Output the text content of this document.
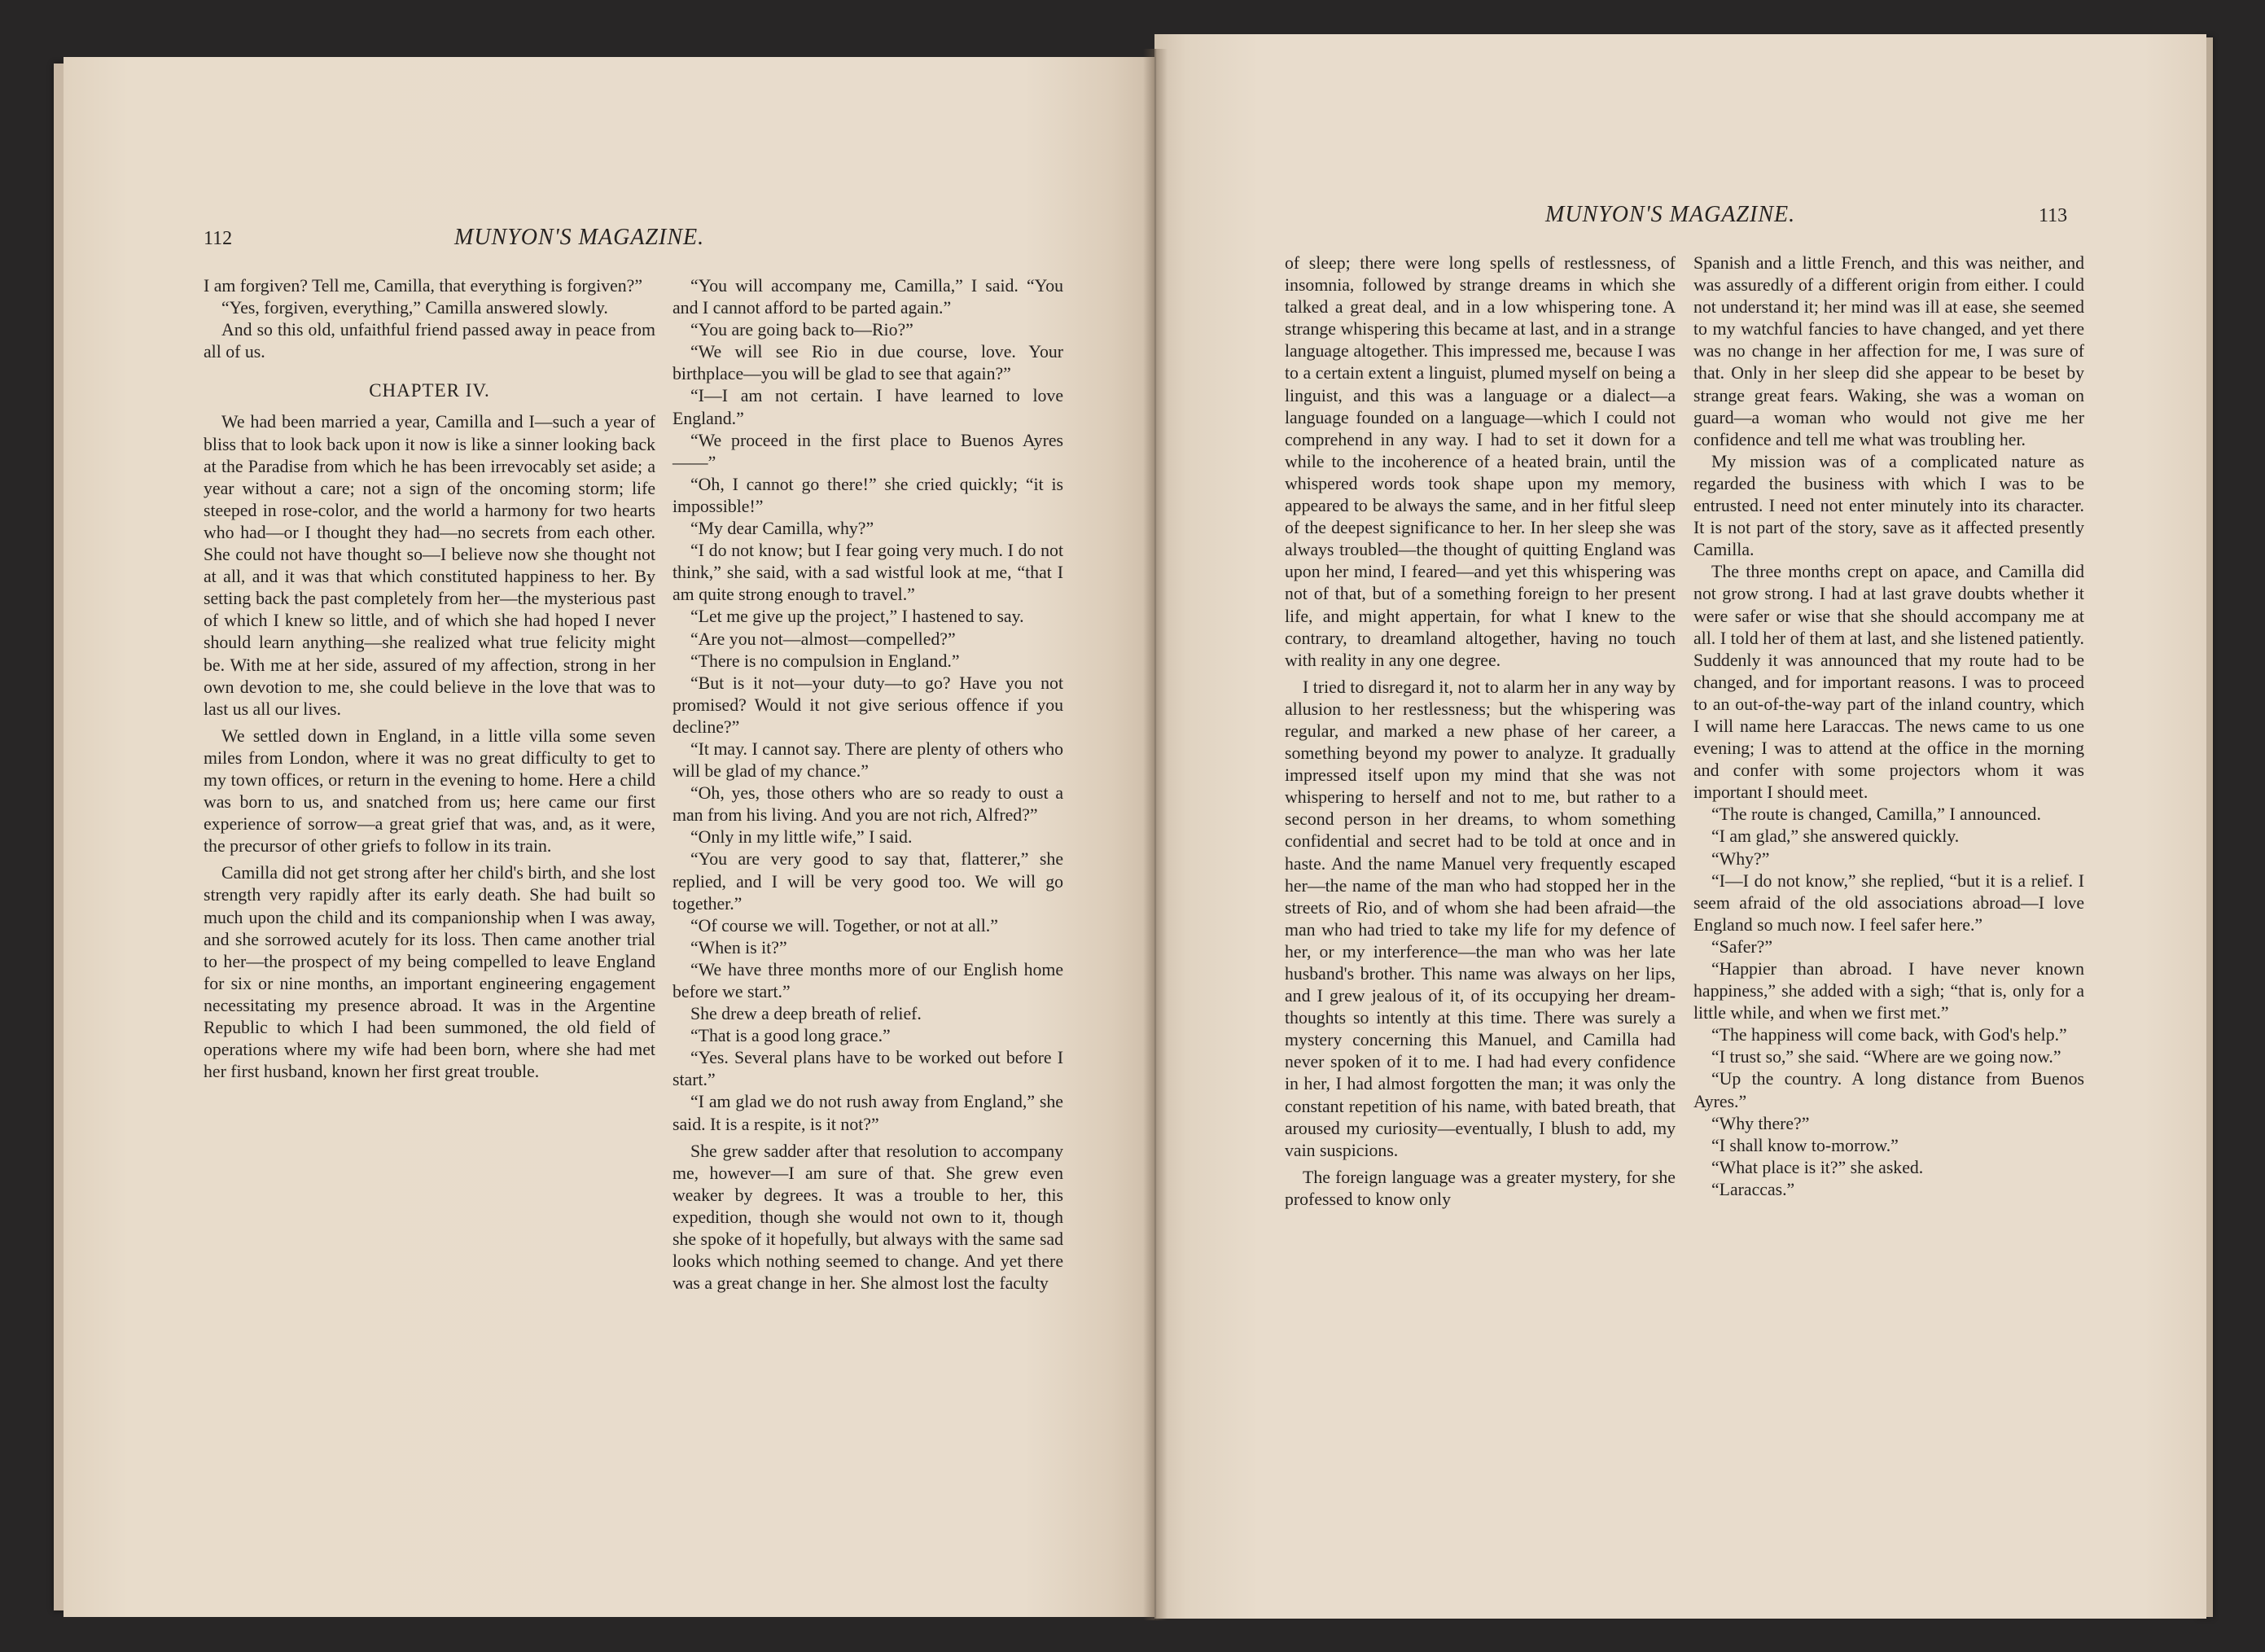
112	MUNYON'S MAGAZINE.

I am forgiven? Tell me, Camilla, that everything is forgiven?”

“Yes, forgiven, everything,” Camilla answered slowly.

And so this old, unfaithful friend passed away in peace from all of us.

CHAPTER IV.

We had been married a year, Camilla and I—such a year of bliss that to look back upon it now is like a sinner looking back at the Paradise from which he has been irrevocably set aside; a year without a care; not a sign of the oncoming storm; life steeped in rose-color, and the world a harmony for two hearts who had—or I thought they had—no secrets from each other. She could not have thought so—I believe now she thought not at all, and it was that which constituted happiness to her. By setting back the past completely from her—the mysterious past of which I knew so little, and of which she had hoped I never should learn anything—she realized what true felicity might be. With me at her side, assured of my affection, strong in her own devotion to me, she could believe in the love that was to last us all our lives.

We settled down in England, in a little villa some seven miles from London, where it was no great difficulty to get to my town offices, or return in the evening to home. Here a child was born to us, and snatched from us; here came our first experience of sorrow—a great grief that was, and, as it were, the precursor of other griefs to follow in its train.

Camilla did not get strong after her child's birth, and she lost strength very rapidly after its early death. She had built so much upon the child and its companionship when I was away, and she sorrowed acutely for its loss. Then came another trial to her—the prospect of my being compelled to leave England for six or nine months, an important engineering engagement necessitating my presence abroad. It was in the Argentine Republic to which I had been summoned, the old field of operations where my wife had been born, where she had met her first husband, known her first great trouble.

“You will accompany me, Camilla,” I said. “You and I cannot afford to be parted again.”

“You are going back to—Rio?”

“We will see Rio in due course, love. Your birthplace—you will be glad to see that again?”

“I—I am not certain. I have learned to love England.”

“We proceed in the first place to Buenos Ayres——”

“Oh, I cannot go there!” she cried quickly; “it is impossible!”

“My dear Camilla, why?”

“I do not know; but I fear going very much. I do not think,” she said, with a sad wistful look at me, “that I am quite strong enough to travel.”

“Let me give up the project,” I hastened to say.

“Are you not—almost—compelled?”

“There is no compulsion in England.”

“But is it not—your duty—to go? Have you not promised? Would it not give serious offence if you decline?”

“It may. I cannot say. There are plenty of others who will be glad of my chance.”

“Oh, yes, those others who are so ready to oust a man from his living. And you are not rich, Alfred?”

“Only in my little wife,” I said.

“You are very good to say that, flatterer,” she replied, and I will be very good too. We will go together.”

“Of course we will. Together, or not at all.”

“When is it?”

“We have three months more of our English home before we start.”

She drew a deep breath of relief.

“That is a good long grace.”

“Yes. Several plans have to be worked out before I start.”

“I am glad we do not rush away from England,” she said. It is a respite, is it not?”

She grew sadder after that resolution to accompany me, however—I am sure of that. She grew even weaker by degrees. It was a trouble to her, this expedition, though she would not own to it, though she spoke of it hopefully, but always with the same sad looks which nothing seemed to change. And yet there was a great change in her. She almost lost the faculty

MUNYON'S MAGAZINE.	113

of sleep; there were long spells of restlessness, of insomnia, followed by strange dreams in which she talked a great deal, and in a low whispering tone. A strange whispering this became at last, and in a strange language altogether. This impressed me, because I was to a certain extent a linguist, plumed myself on being a linguist, and this was a language or a dialect—a language founded on a language—which I could not comprehend in any way. I had to set it down for a while to the incoherence of a heated brain, until the whispered words took shape upon my memory, appeared to be always the same, and in her fitful sleep of the deepest significance to her. In her sleep she was always troubled—the thought of quitting England was upon her mind, I feared—and yet this whispering was not of that, but of a something foreign to her present life, and might appertain, for what I knew to the contrary, to dreamland altogether, having no touch with reality in any one degree.

I tried to disregard it, not to alarm her in any way by allusion to her restlessness; but the whispering was regular, and marked a new phase of her career, a something beyond my power to analyze. It gradually impressed itself upon my mind that she was not whispering to herself and not to me, but rather to a second person in her dreams, to whom something confidential and secret had to be told at once and in haste. And the name Manuel very frequently escaped her—the name of the man who had stopped her in the streets of Rio, and of whom she had been afraid—the man who had tried to take my life for my defence of her, or my interference—the man who was her late husband's brother. This name was always on her lips, and I grew jealous of it, of its occupying her dream-thoughts so intently at this time. There was surely a mystery concerning this Manuel, and Camilla had never spoken of it to me. I had had every confidence in her, I had almost forgotten the man; it was only the constant repetition of his name, with bated breath, that aroused my curiosity—eventually, I blush to add, my vain suspicions.

The foreign language was a greater mystery, for she professed to know only

Spanish and a little French, and this was neither, and was assuredly of a different origin from either. I could not understand it; her mind was ill at ease, she seemed to my watchful fancies to have changed, and yet there was no change in her affection for me, I was sure of that. Only in her sleep did she appear to be beset by strange great fears. Waking, she was a woman on guard—a woman who would not give me her confidence and tell me what was troubling her.

My mission was of a complicated nature as regarded the business with which I was to be entrusted. I need not enter minutely into its character. It is not part of the story, save as it affected presently Camilla.

The three months crept on apace, and Camilla did not grow strong. I had at last grave doubts whether it were safer or wise that she should accompany me at all. I told her of them at last, and she listened patiently. Suddenly it was announced that my route had to be changed, and for important reasons. I was to proceed to an out-of-the-way part of the inland country, which I will name here Laraccas. The news came to us one evening; I was to attend at the office in the morning and confer with some projectors whom it was important I should meet.

“The route is changed, Camilla,” I announced.

“I am glad,” she answered quickly.

“Why?”

“I—I do not know,” she replied, “but it is a relief. I seem afraid of the old associations abroad—I love England so much now. I feel safer here.”

“Safer?”

“Happier than abroad. I have never known happiness,” she added with a sigh; “that is, only for a little while, and when we first met.”

“The happiness will come back, with God's help.”

“I trust so,” she said. “Where are we going now.”

“Up the country. A long distance from Buenos Ayres.”

“Why there?”

“I shall know to-morrow.”

“What place is it?” she asked.

“Laraccas.”
